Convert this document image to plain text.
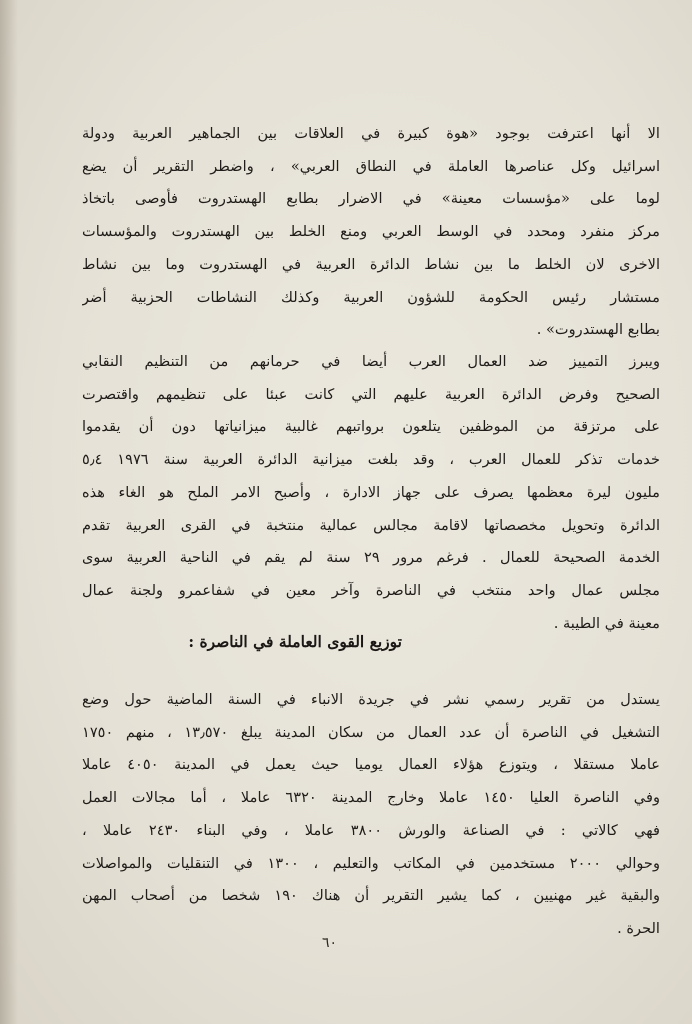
الا أنها اعترفت بوجود «هوة كبيرة في العلاقات بين الجماهير العربية ودولة
اسرائيل وكل عناصرها العاملة في النطاق العربي» ، واضطر التقرير أن يضع
لوما على «مؤسسات معينة» في الاضرار بطابع الهستدروت فأوصى باتخاذ
مركز منفرد ومحدد في الوسط العربي ومنع الخلط بين الهستدروت والمؤسسات
الاخرى لان الخلط ما بين نشاط الدائرة العربية في الهستدروت وما بين نشاط
مستشار رئيس الحكومة للشؤون العربية وكذلك النشاطات الحزبية أضر
بطابع الهستدروت» .
ويبرز التمييز ضد العمال العرب أيضا في حرمانهم من التنظيم النقابي
الصحيح وفرض الدائرة العربية عليهم التي كانت عبئا على تنظيمهم واقتصرت
على مرتزقة من الموظفين يتلعون برواتبهم غالبية ميزانياتها دون أن يقدموا
خدمات تذكر للعمال العرب ، وقد بلغت ميزانية الدائرة العربية سنة ١٩٧٦ ٥٫٤
مليون ليرة معظمها يصرف على جهاز الادارة ، وأصبح الامر الملح هو الغاء هذه
الدائرة وتحويل مخصصاتها لاقامة مجالس عمالية منتخبة في القرى العربية تقدم
الخدمة الصحيحة للعمال . فرغم مرور ٢٩ سنة لم يقم في الناحية العربية سوى
مجلس عمال واحد منتخب في الناصرة وآخر معين في شفاعمرو ولجنة عمال
معينة في الطيبة .
توزيع القوى العاملة في الناصرة :
يستدل من تقرير رسمي نشر في جريدة الانباء في السنة الماضية حول وضع
التشغيل في الناصرة أن عدد العمال من سكان المدينة يبلغ ١٣٫٥٧٠ ، منهم ١٧٥٠
عاملا مستقلا ، ويتوزع هؤلاء العمال يوميا حيث يعمل في المدينة ٤٠٥٠ عاملا
وفي الناصرة العليا ١٤٥٠ عاملا وخارج المدينة ٦٣٢٠ عاملا ، أما مجالات العمل
فهي كالاتي : في الصناعة والورش ٣٨٠٠ عاملا ، وفي البناء ٢٤٣٠ عاملا ،
وحوالي ٢٠٠٠ مستخدمين في المكاتب والتعليم ، ١٣٠٠ في التنقليات والمواصلات
والبقية غير مهنيين ، كما يشير التقرير أن هناك ١٩٠ شخصا من أصحاب المهن
الحرة .
٦٠
